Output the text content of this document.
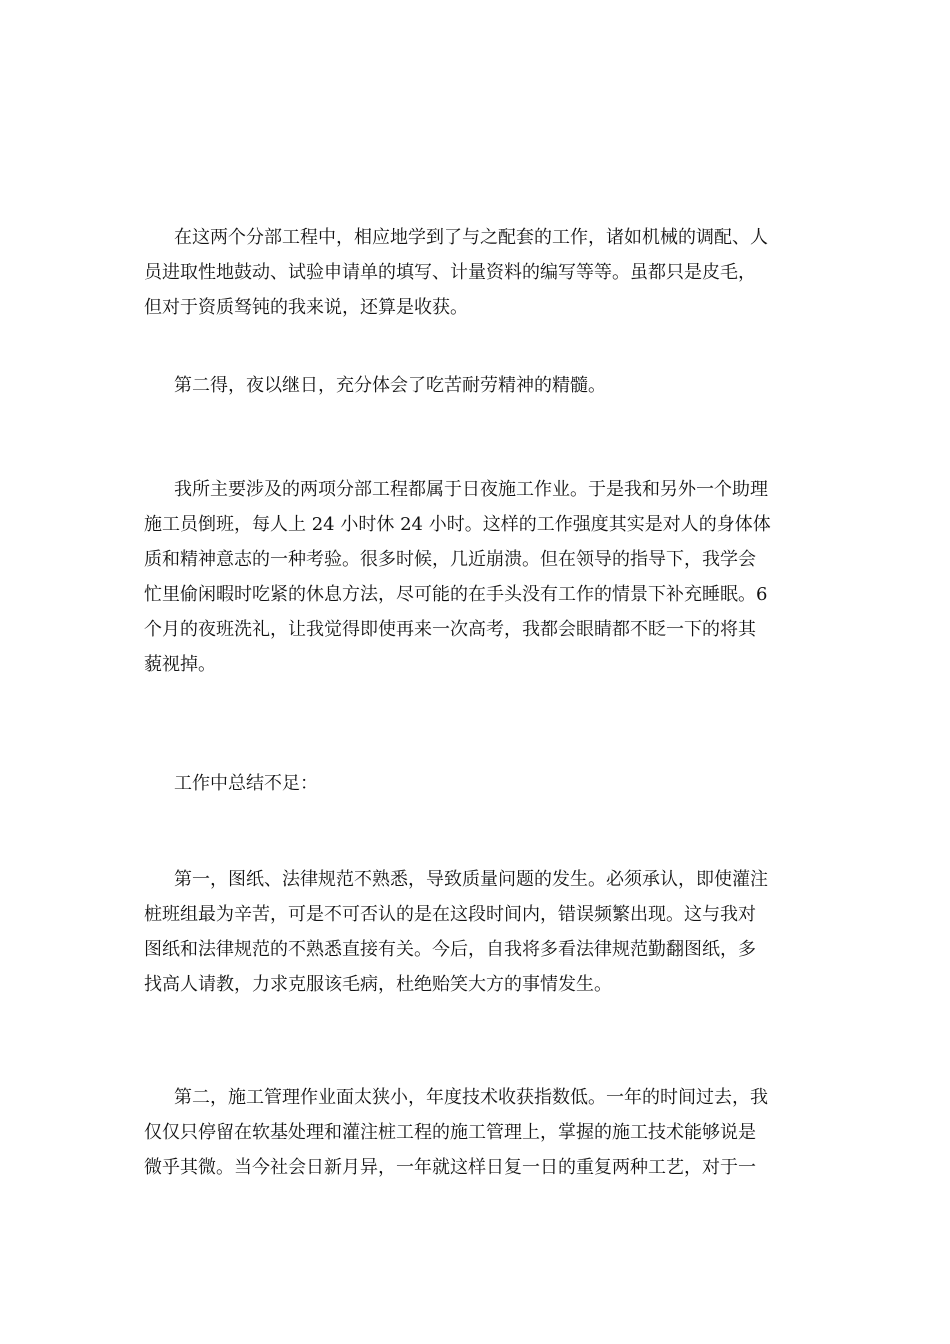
在这两个分部工程中，相应地学到了与之配套的工作，诸如机械的调配、人
员进取性地鼓动、试验申请单的填写、计量资料的编写等等。虽都只是皮毛，
但对于资质驽钝的我来说，还算是收获。

第二得，夜以继日，充分体会了吃苦耐劳精神的精髓。

我所主要涉及的两项分部工程都属于日夜施工作业。于是我和另外一个助理
施工员倒班，每人上 24 小时休 24 小时。这样的工作强度其实是对人的身体体
质和精神意志的一种考验。很多时候，几近崩溃。但在领导的指导下，我学会
忙里偷闲暇时吃紧的休息方法，尽可能的在手头没有工作的情景下补充睡眠。6
个月的夜班洗礼，让我觉得即使再来一次高考，我都会眼睛都不眨一下的将其
藐视掉。

工作中总结不足：

第一，图纸、法律规范不熟悉，导致质量问题的发生。必须承认，即使灌注
桩班组最为辛苦，可是不可否认的是在这段时间内，错误频繁出现。这与我对
图纸和法律规范的不熟悉直接有关。今后，自我将多看法律规范勤翻图纸，多
找高人请教，力求克服该毛病，杜绝贻笑大方的事情发生。

第二，施工管理作业面太狭小，年度技术收获指数低。一年的时间过去，我
仅仅只停留在软基处理和灌注桩工程的施工管理上，掌握的施工技术能够说是
微乎其微。当今社会日新月异，一年就这样日复一日的重复两种工艺，对于一
